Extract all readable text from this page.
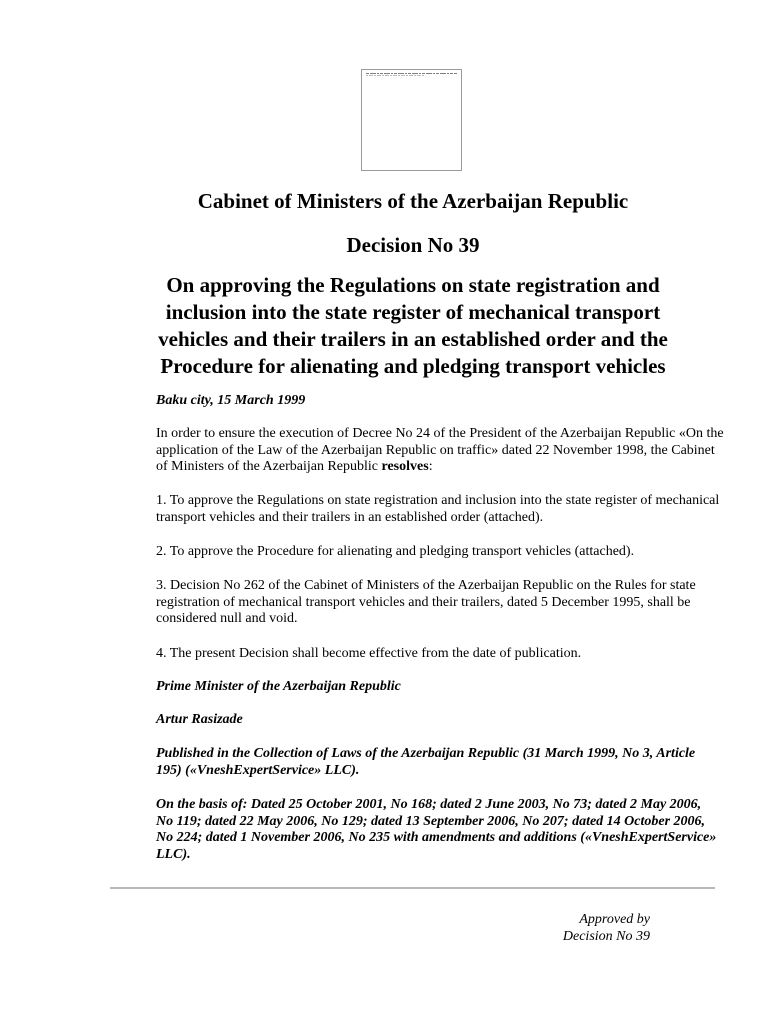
Cabinet of Ministers of the Azerbaijan Republic
Decision No 39
On approving the Regulations on state registration and
inclusion into the state register of mechanical transport
vehicles and their trailers in an established order and the
Procedure for alienating and pledging transport vehicles
Baku city, 15 March 1999
In order to ensure the execution of Decree No 24 of the President of the Azerbaijan Republic «On the application of the Law of the Azerbaijan Republic on traffic» dated 22 November 1998, the Cabinet of Ministers of the Azerbaijan Republic resolves:
1. To approve the Regulations on state registration and inclusion into the state register of mechanical transport vehicles and their trailers in an established order (attached).
2. To approve the Procedure for alienating and pledging transport vehicles (attached).
3. Decision No 262 of the Cabinet of Ministers of the Azerbaijan Republic on the Rules for state registration of mechanical transport vehicles and their trailers, dated 5 December 1995, shall be considered null and void.
4. The present Decision shall become effective from the date of publication.
Prime Minister of the Azerbaijan Republic
Artur Rasizade
Published in the Collection of Laws of the Azerbaijan Republic (31 March 1999, No 3, Article 195) («VneshExpertService» LLC).
On the basis of: Dated 25 October 2001, No 168; dated 2 June 2003, No 73; dated 2 May 2006, No 119; dated 22 May 2006, No 129; dated 13 September 2006, No 207; dated 14 October 2006, No 224; dated 1 November 2006, No 235 with amendments and additions («VneshExpertService» LLC).
Approved by
Decision No 39
